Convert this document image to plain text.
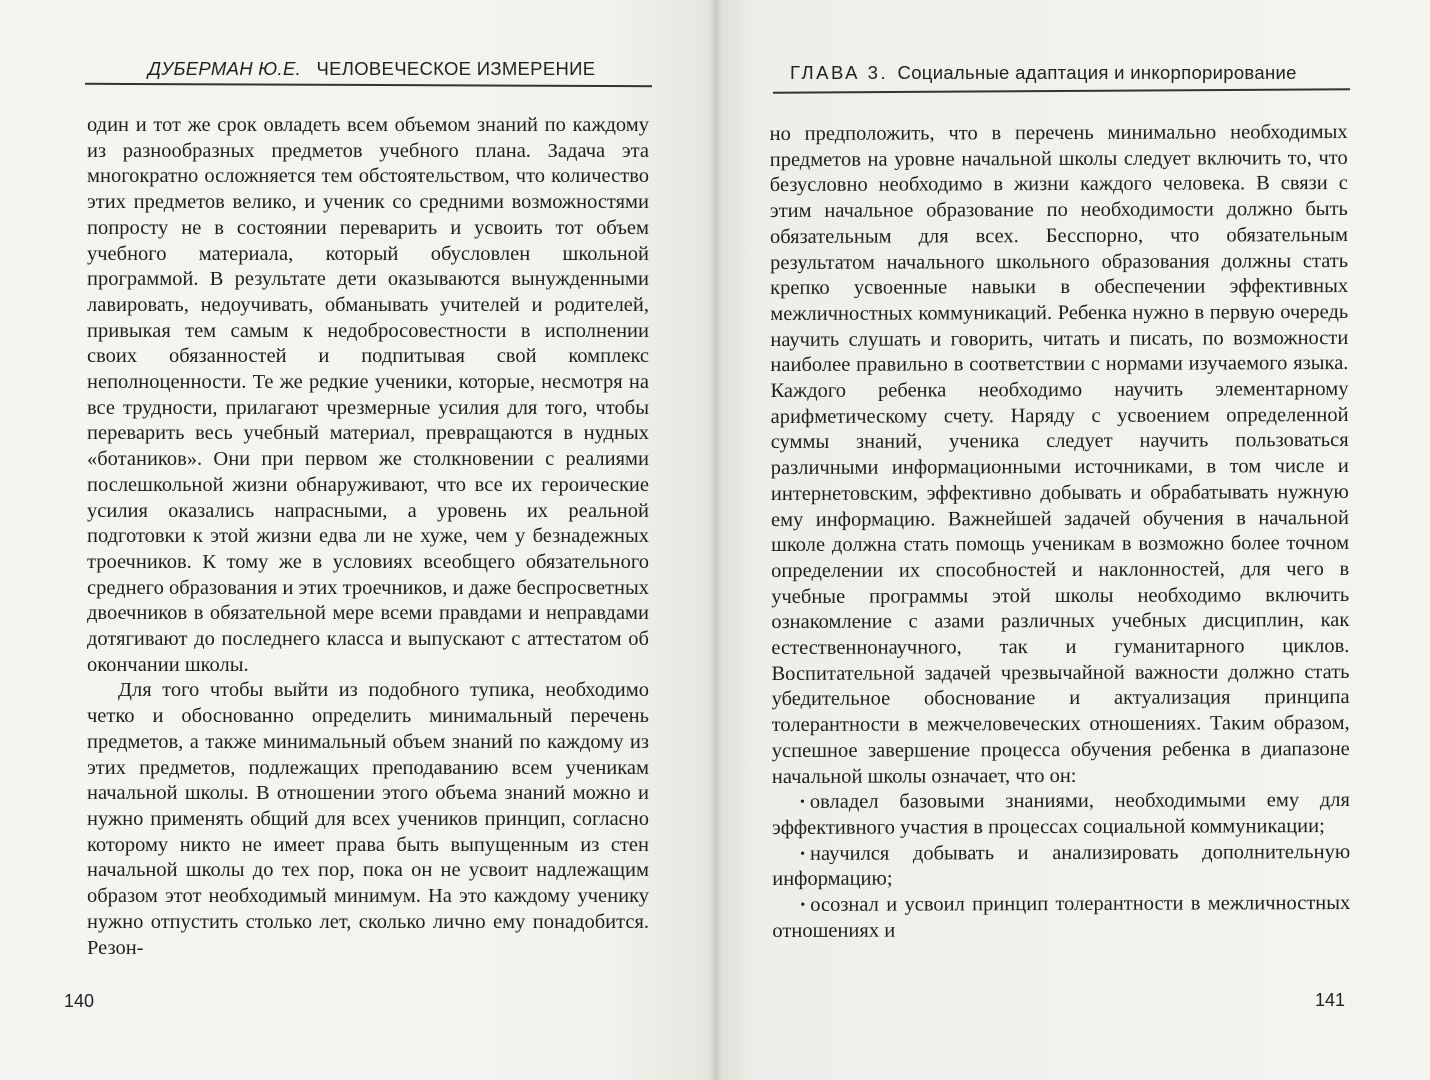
ДУБЕРМАН Ю.Е. ЧЕЛОВЕЧЕСКОЕ ИЗМЕРЕНИЕ

один и тот же срок овладеть всем объемом знаний по каждому из разнообразных предметов учебного плана. Задача эта многократно осложняется тем обстоятельством, что количество этих предметов велико, и ученик со средними возможностями попросту не в состоянии переварить и усвоить тот объем учебного материала, который обусловлен школьной программой. В результате дети оказываются вынужденными лавировать, недоучивать, обманывать учителей и родителей, привыкая тем самым к недобросовестности в исполнении своих обязанностей и подпитывая свой комплекс неполноценности. Те же редкие ученики, которые, несмотря на все трудности, прилагают чрезмерные усилия для того, чтобы переварить весь учебный материал, превращаются в нудных «ботаников». Они при первом же столкновении с реалиями послешкольной жизни обнаруживают, что все их героические усилия оказались напрасными, а уровень их реальной подготовки к этой жизни едва ли не хуже, чем у безнадежных троечников. К тому же в условиях всеобщего обязательного среднего образования и этих троечников, и даже беспросветных двоечников в обязательной мере всеми правдами и неправдами дотягивают до последнего класса и выпускают с аттестатом об окончании школы.

Для того чтобы выйти из подобного тупика, необходимо четко и обоснованно определить минимальный перечень предметов, а также минимальный объем знаний по каждому из этих предметов, подлежащих преподаванию всем ученикам начальной школы. В отношении этого объема знаний можно и нужно применять общий для всех учеников принцип, согласно которому никто не имеет права быть выпущенным из стен начальной школы до тех пор, пока он не усвоит надлежащим образом этот необходимый минимум. На это каждому ученику нужно отпустить столько лет, сколько лично ему понадобится. Резон-

140
ГЛАВА 3. Социальные адаптация и инкорпорирование

но предположить, что в перечень минимально необходимых предметов на уровне начальной школы следует включить то, что безусловно необходимо в жизни каждого человека. В связи с этим начальное образование по необходимости должно быть обязательным для всех. Бесспорно, что обязательным результатом начального школьного образования должны стать крепко усвоенные навыки в обеспечении эффективных межличностных коммуникаций. Ребенка нужно в первую очередь научить слушать и говорить, читать и писать, по возможности наиболее правильно в соответствии с нормами изучаемого языка. Каждого ребенка необходимо научить элементарному арифметическому счету. Наряду с усвоением определенной суммы знаний, ученика следует научить пользоваться различными информационными источниками, в том числе и интернетовским, эффективно добывать и обрабатывать нужную ему информацию. Важнейшей задачей обучения в начальной школе должна стать помощь ученикам в возможно более точном определении их способностей и наклонностей, для чего в учебные программы этой школы необходимо включить ознакомление с азами различных учебных дисциплин, как естественнонаучного, так и гуманитарного циклов. Воспитательной задачей чрезвычайной важности должно стать убедительное обоснование и актуализация принципа толерантности в межчеловеческих отношениях. Таким образом, успешное завершение процесса обучения ребенка в диапазоне начальной школы означает, что он:

• овладел базовыми знаниями, необходимыми ему для эффективного участия в процессах социальной коммуникации;
• научился добывать и анализировать дополнительную информацию;
• осознал и усвоил принцип толерантности в межличностных отношениях и
141
